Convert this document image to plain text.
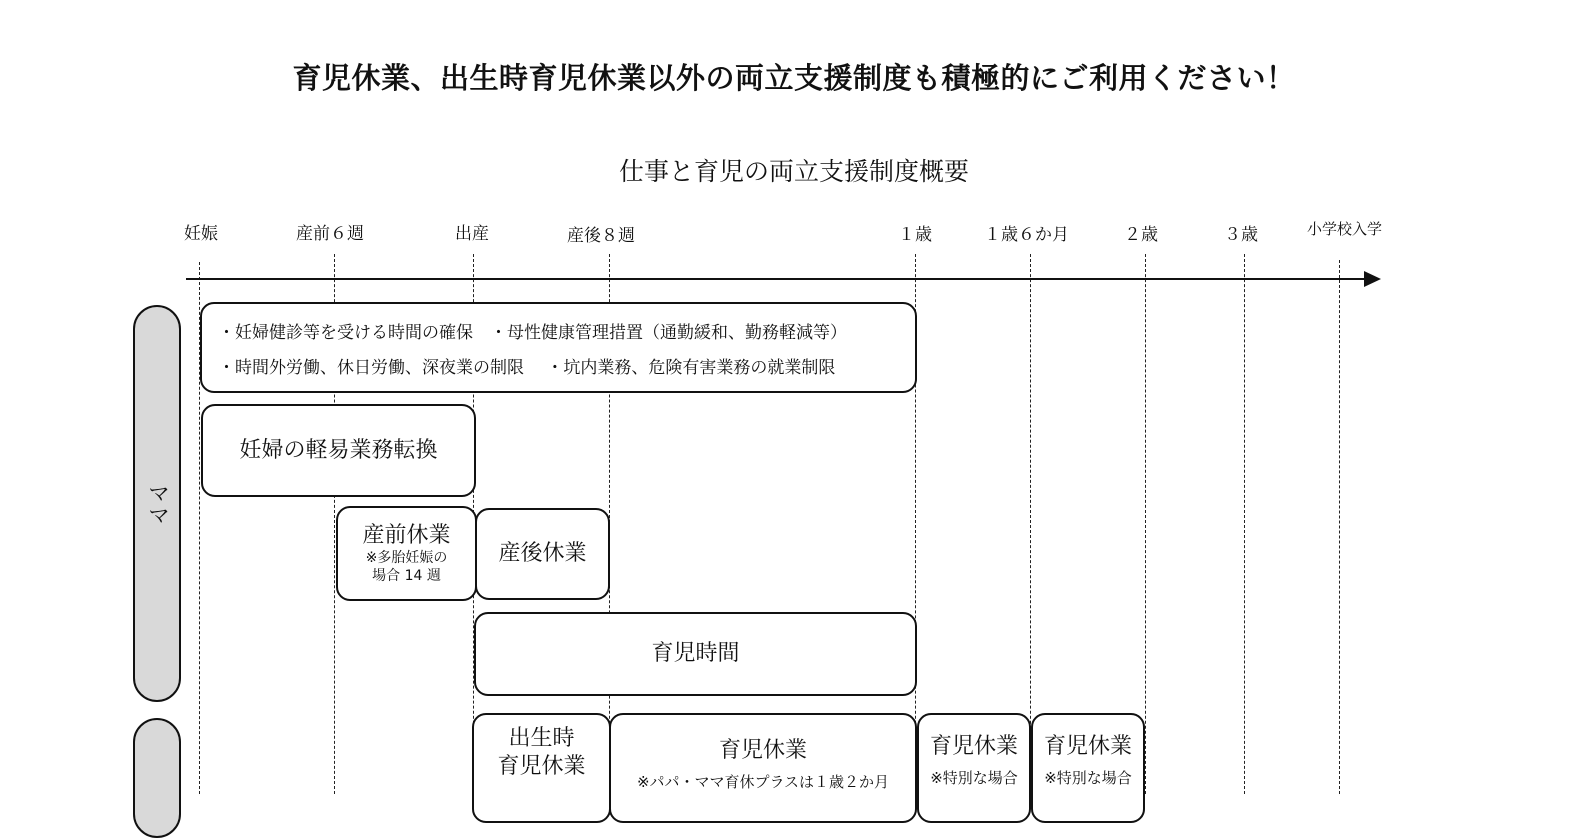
育児休業、出生時育児休業以外の両立支援制度も積極的にご利用ください！
仕事と育児の両立支援制度概要
妊娠	産前６週	出産	産後８週	１歳	１歳６か月	２歳	３歳	小学校入学
ママ
・妊婦健診等を受ける時間の確保　・母性健康管理措置（通勤緩和、勤務軽減等）
・時間外労働、休日労働、深夜業の制限　 ・坑内業務、危険有害業務の就業制限
妊婦の軽易業務転換
産前休業
※多胎妊娠の
場合 14 週
産後休業
育児時間
出生時
育児休業
育児休業
※パパ・ママ育休プラスは１歳２か月
育児休業
※特別な場合
育児休業
※特別な場合
